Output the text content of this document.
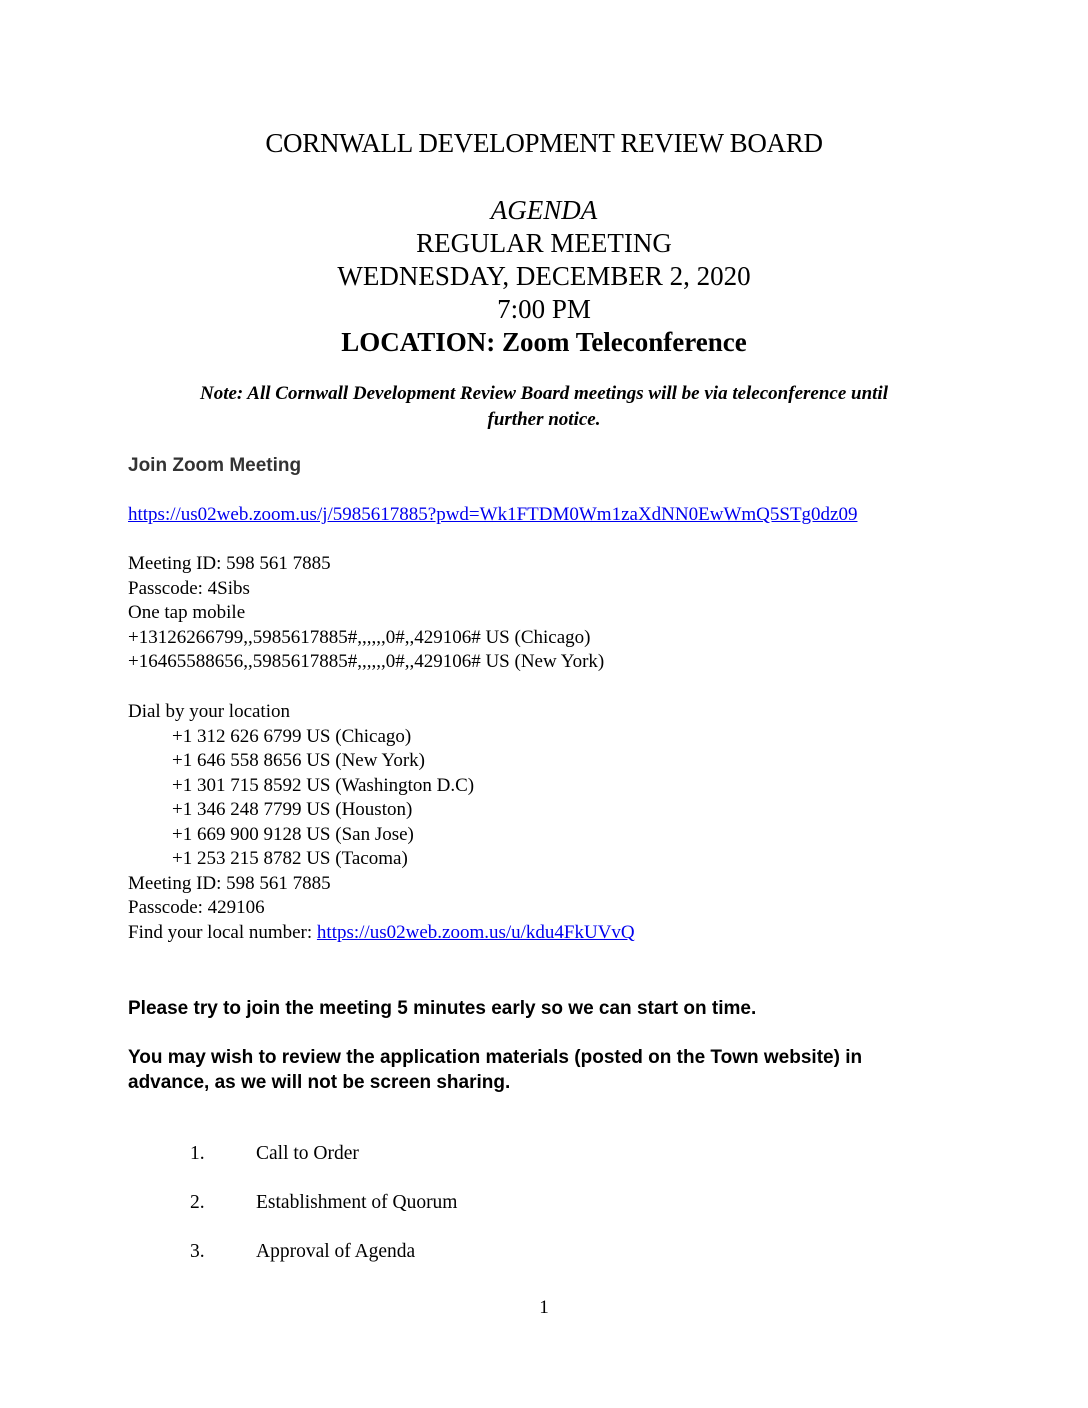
CORNWALL DEVELOPMENT REVIEW BOARD
AGENDA
REGULAR MEETING
WEDNESDAY, DECEMBER 2, 2020
7:00 PM
LOCATION: Zoom Teleconference
Note: All Cornwall Development Review Board meetings will be via teleconference until
further notice.
Join Zoom Meeting
https://us02web.zoom.us/j/5985617885?pwd=Wk1FTDM0Wm1zaXdNN0EwWmQ5STg0dz09
Meeting ID: 598 561 7885
Passcode: 4Sibs
One tap mobile
+13126266799,,5985617885#,,,,,,0#,,429106# US (Chicago)
+16465588656,,5985617885#,,,,,,0#,,429106# US (New York)
Dial by your location
+1 312 626 6799 US (Chicago)
+1 646 558 8656 US (New York)
+1 301 715 8592 US (Washington D.C)
+1 346 248 7799 US (Houston)
+1 669 900 9128 US (San Jose)
+1 253 215 8782 US (Tacoma)
Meeting ID: 598 561 7885
Passcode: 429106
Find your local number: https://us02web.zoom.us/u/kdu4FkUVvQ
Please try to join the meeting 5 minutes early so we can start on time.
You may wish to review the application materials (posted on the Town website) in
advance, as we will not be screen sharing.
1.	Call to Order
2.	Establishment of Quorum
3.	Approval of Agenda
1
